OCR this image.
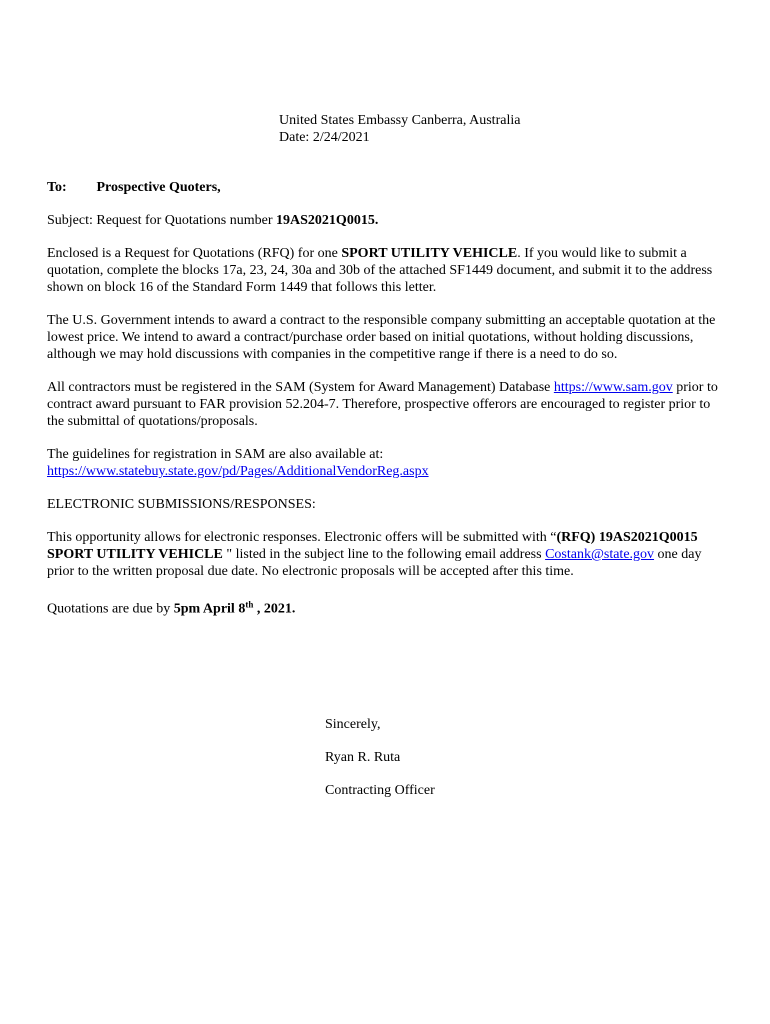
United States Embassy Canberra, Australia
Date: 2/24/2021
To: Prospective Quoters,

Subject: Request for Quotations number 19AS2021Q0015.

Enclosed is a Request for Quotations (RFQ) for one SPORT UTILITY VEHICLE. If you would like to submit a quotation, complete the blocks 17a, 23, 24, 30a and 30b of the attached SF1449 document, and submit it to the address shown on block 16 of the Standard Form 1449 that follows this letter.

The U.S. Government intends to award a contract to the responsible company submitting an acceptable quotation at the lowest price. We intend to award a contract/purchase order based on initial quotations, without holding discussions, although we may hold discussions with companies in the competitive range if there is a need to do so.

All contractors must be registered in the SAM (System for Award Management) Database https://www.sam.gov prior to contract award pursuant to FAR provision 52.204-7. Therefore, prospective offerors are encouraged to register prior to the submittal of quotations/proposals.

The guidelines for registration in SAM are also available at: https://www.statebuy.state.gov/pd/Pages/AdditionalVendorReg.aspx

ELECTRONIC SUBMISSIONS/RESPONSES:

This opportunity allows for electronic responses. Electronic offers will be submitted with “(RFQ) 19AS2021Q0015 SPORT UTILITY VEHICLE " listed in the subject line to the following email address Costank@state.gov one day prior to the written proposal due date. No electronic proposals will be accepted after this time.

Quotations are due by 5pm April 8th , 2021.

Sincerely,

Ryan R. Ruta

Contracting Officer
